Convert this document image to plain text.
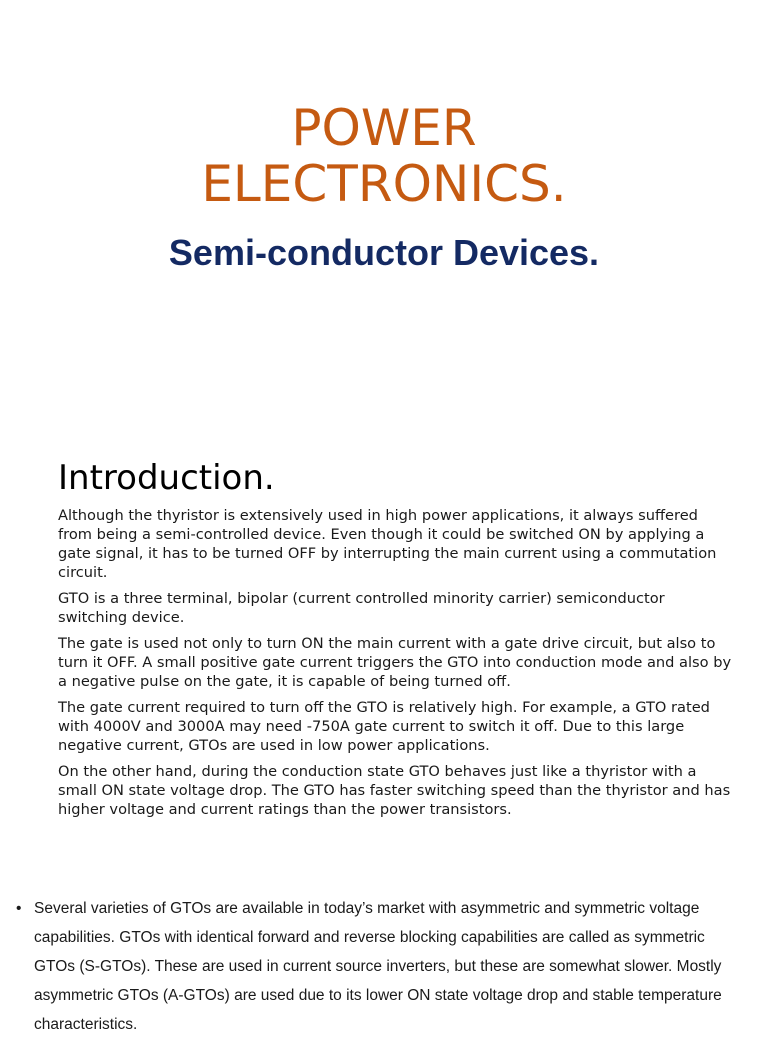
POWER
ELECTRONICS.
Semi-conductor Devices.
Introduction.

Although the thyristor is extensively used in high power applications, it always suffered from being a semi-controlled device. Even though it could be switched ON by applying a gate signal, it has to be turned OFF by interrupting the main current using a commutation circuit.

GTO is a three terminal, bipolar (current controlled minority carrier) semiconductor switching device.

The gate is used not only to turn ON the main current with a gate drive circuit, but also to turn it OFF. A small positive gate current triggers the GTO into conduction mode and also by a negative pulse on the gate, it is capable of being turned off.

The gate current required to turn off the GTO is relatively high. For example, a GTO rated with 4000V and 3000A may need -750A gate current to switch it off. Due to this large negative current, GTOs are used in low power applications.

On the other hand, during the conduction state GTO behaves just like a thyristor with a small ON state voltage drop. The GTO has faster switching speed than the thyristor and has higher voltage and current ratings than the power transistors.

• Several varieties of GTOs are available in today’s market with asymmetric and symmetric voltage capabilities. GTOs with identical forward and reverse blocking capabilities are called as symmetric GTOs (S-GTOs). These are used in current source inverters, but these are somewhat slower. Mostly asymmetric GTOs (A-GTOs) are used due to its lower ON state voltage drop and stable temperature characteristics.
